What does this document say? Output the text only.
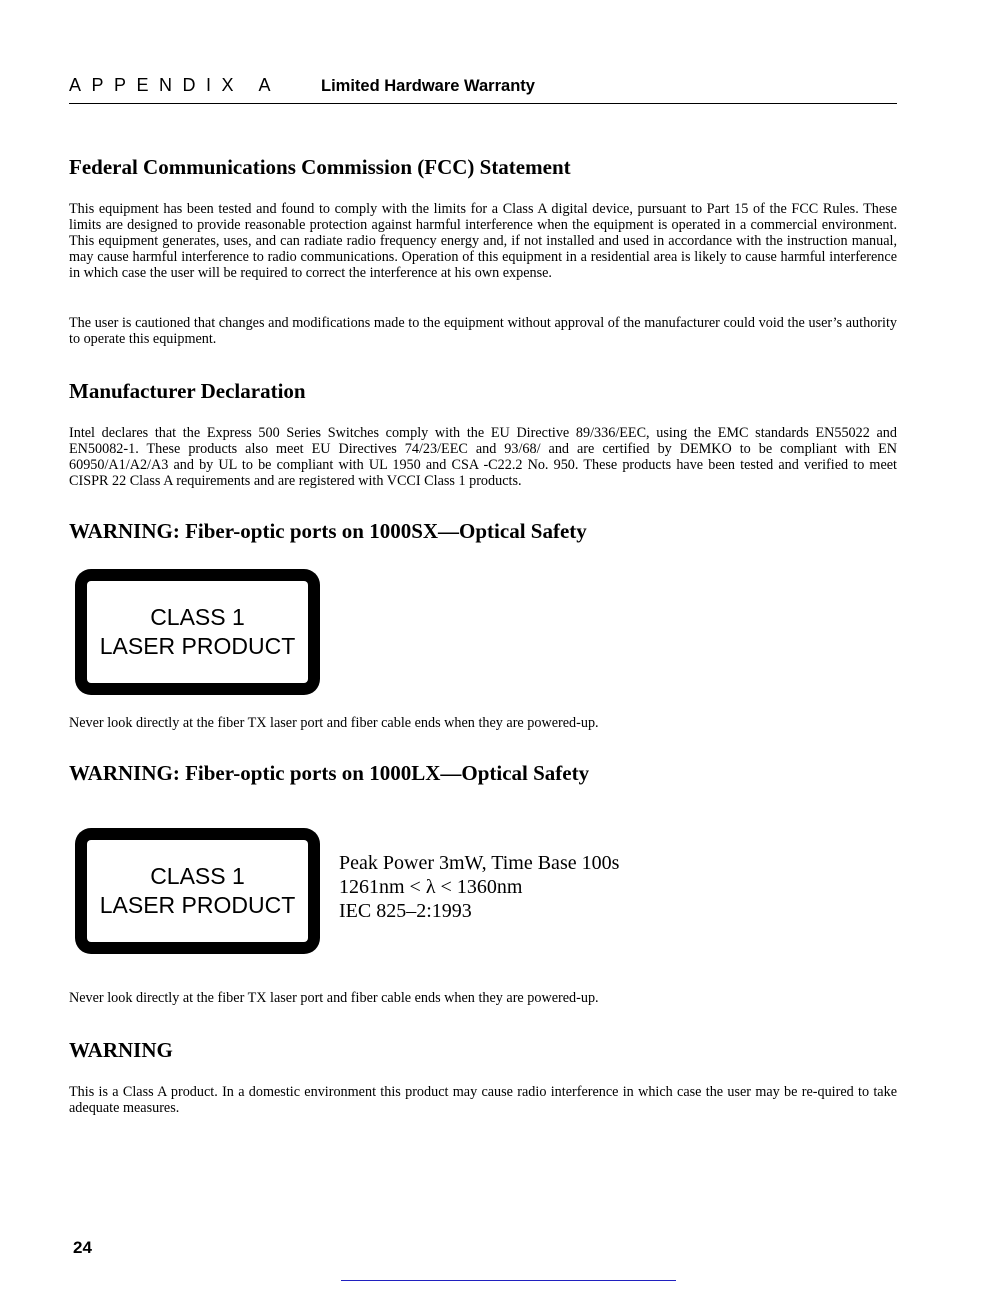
APPENDIX A Limited Hardware Warranty
Federal Communications Commission (FCC) Statement

This equipment has been tested and found to comply with the limits for a Class A digital device, pursuant to Part 15 of the FCC Rules. These limits are designed to provide reasonable protection against harmful interference when the equipment is operated in a commercial environment. This equipment generates, uses, and can radiate radio frequency energy and, if not installed and used in accordance with the instruction manual, may cause harmful interference to radio communications. Operation of this equipment in a residential area is likely to cause harmful interference in which case the user will be required to correct the interference at his own expense.

The user is cautioned that changes and modifications made to the equipment without approval of the manufacturer could void the user’s authority to operate this equipment.

Manufacturer Declaration

Intel declares that the Express 500 Series Switches comply with the EU Directive 89/336/EEC, using the EMC standards EN55022 and EN50082-1. These products also meet EU Directives 74/23/EEC and 93/68/ and are certified by DEMKO to be compliant with EN 60950/A1/A2/A3 and by UL to be compliant with UL 1950 and CSA -C22.2 No. 950. These products have been tested and verified to meet CISPR 22 Class A requirements and are registered with VCCI Class 1 products.

WARNING: Fiber-optic ports on 1000SX—Optical Safety
CLASS 1
LASER PRODUCT

Never look directly at the fiber TX laser port and fiber cable ends when they are powered-up.

WARNING: Fiber-optic ports on 1000LX—Optical Safety
CLASS 1
LASER PRODUCT
Peak Power 3mW, Time Base 100s
1261nm < λ < 1360nm
IEC 825–2:1993

Never look directly at the fiber TX laser port and fiber cable ends when they are powered-up.

WARNING

This is a Class A product. In a domestic environment this product may cause radio interference in which case the user may be re-quired to take adequate measures.

24
